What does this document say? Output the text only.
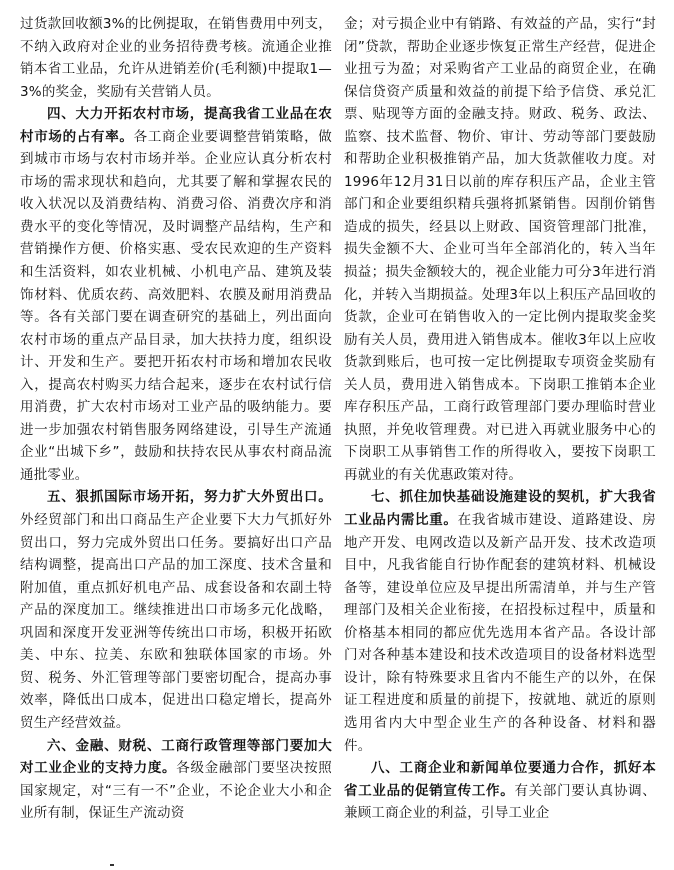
过货款回收额3%的比例提取，在销售费用中列支，不纳入政府对企业的业务招待费考核。流通企业推销本省工业品，允许从进销差价(毛利额)中提取1—3%的奖金，奖励有关营销人员。

四、大力开拓农村市场，提高我省工业品在农村市场的占有率。各工商企业要调整营销策略，做到城市市场与农村市场并举。企业应认真分析农村市场的需求现状和趋向，尤其要了解和掌握农民的收入状况以及消费结构、消费习俗、消费次序和消费水平的变化等情况，及时调整产品结构，生产和营销操作方便、价格实惠、受农民欢迎的生产资料和生活资料，如农业机械、小机电产品、建筑及装饰材料、优质农药、高效肥料、农膜及耐用消费品等。各有关部门要在调查研究的基础上，列出面向农村市场的重点产品目录，加大扶持力度，组织设计、开发和生产。要把开拓农村市场和增加农民收入，提高农村购买力结合起来，逐步在农村试行信用消费，扩大农村市场对工业产品的吸纳能力。要进一步加强农村销售服务网络建设，引导生产流通企业“出城下乡”，鼓励和扶持农民从事农村商品流通批零业。

五、狠抓国际市场开拓，努力扩大外贸出口。外经贸部门和出口商品生产企业要下大力气抓好外贸出口，努力完成外贸出口任务。要搞好出口产品结构调整，提高出口产品的加工深度、技术含量和附加值，重点抓好机电产品、成套设备和农副土特产品的深度加工。继续推进出口市场多元化战略，巩固和深度开发亚洲等传统出口市场，积极开拓欧美、中东、拉美、东欧和独联体国家的市场。外贸、税务、外汇管理等部门要密切配合，提高办事效率，降低出口成本，促进出口稳定增长，提高外贸生产经营效益。

六、金融、财税、工商行政管理等部门要加大对工业企业的支持力度。各级金融部门要坚决按照国家规定，对“三有一不”企业，不论企业大小和企业所有制，保证生产流动资

金；对亏损企业中有销路、有效益的产品，实行“封闭”贷款，帮助企业逐步恢复正常生产经营，促进企业扭亏为盈；对采购省产工业品的商贸企业，在确保信贷资产质量和效益的前提下给予信贷、承兑汇票、贴现等方面的金融支持。财政、税务、政法、监察、技术监督、物价、审计、劳动等部门要鼓励和帮助企业积极推销产品，加大货款催收力度。对1996年12月31日以前的库存积压产品，企业主管部门和企业要组织精兵强将抓紧销售。因削价销售造成的损失，经县以上财政、国资管理部门批准，损失金额不大、企业可当年全部消化的，转入当年损益；损失金额较大的，视企业能力可分3年进行消化，并转入当期损益。处理3年以上积压产品回收的货款，企业可在销售收入的一定比例内提取奖金奖励有关人员，费用进入销售成本。催收3年以上应收货款到账后，也可按一定比例提取专项资金奖励有关人员，费用进入销售成本。下岗职工推销本企业库存积压产品，工商行政管理部门要办理临时营业执照，并免收管理费。对已进入再就业服务中心的下岗职工从事销售工作的所得收入，要按下岗职工再就业的有关优惠政策对待。

七、抓住加快基础设施建设的契机，扩大我省工业品内需比重。在我省城市建设、道路建设、房地产开发、电网改造以及新产品开发、技术改造项目中，凡我省能自行协作配套的建筑材料、机械设备等，建设单位应及早提出所需清单，并与生产管理部门及相关企业衔接，在招投标过程中，质量和价格基本相同的都应优先选用本省产品。各设计部门对各种基本建设和技术改造项目的设备材料选型设计，除有特殊要求且省内不能生产的以外，在保证工程进度和质量的前提下，按就地、就近的原则选用省内大中型企业生产的各种设备、材料和器件。

八、工商企业和新闻单位要通力合作，抓好本省工业品的促销宣传工作。有关部门要认真协调、兼顾工商企业的利益，引导工业企
